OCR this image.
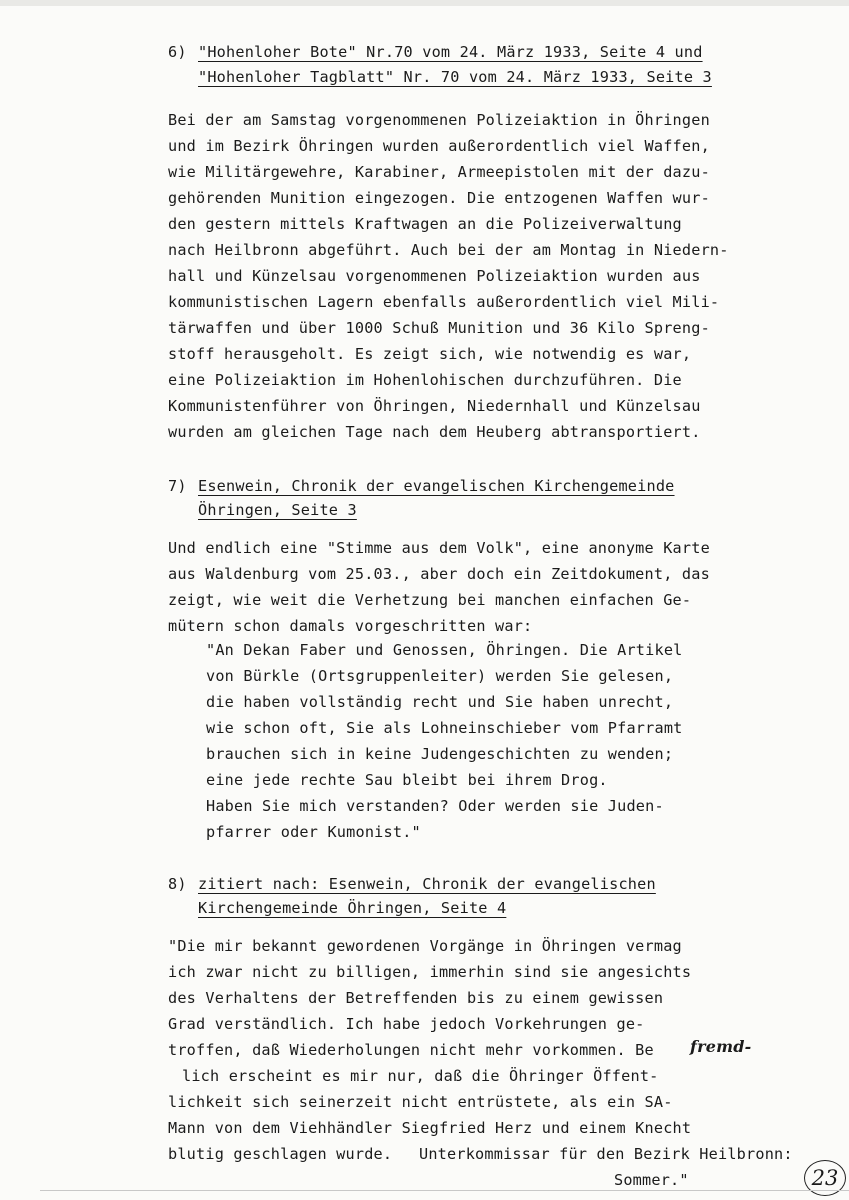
6) "Hohenloher Bote" Nr.70 vom 24. März 1933, Seite 4 und
"Hohenloher Tagblatt" Nr. 70 vom 24. März 1933, Seite 3
Bei der am Samstag vorgenommenen Polizeiaktion in Öhringen
und im Bezirk Öhringen wurden außerordentlich viel Waffen,
wie Militärgewehre, Karabiner, Armeepistolen mit der dazu-
gehörenden Munition eingezogen. Die entzogenen Waffen wur-
den gestern mittels Kraftwagen an die Polizeiverwaltung
nach Heilbronn abgeführt. Auch bei der am Montag in Niedern-
hall und Künzelsau vorgenommenen Polizeiaktion wurden aus
kommunistischen Lagern ebenfalls außerordentlich viel Mili-
tärwaffen und über 1000 Schuß Munition und 36 Kilo Spreng-
stoff herausgeholt. Es zeigt sich, wie notwendig es war,
eine Polizeiaktion im Hohenlohischen durchzuführen. Die
Kommunistenführer von Öhringen, Niedernhall und Künzelsau
wurden am gleichen Tage nach dem Heuberg abtransportiert.
7) Esenwein, Chronik der evangelischen Kirchengemeinde
Öhringen, Seite 3
Und endlich eine "Stimme aus dem Volk", eine anonyme Karte
aus Waldenburg vom 25.03., aber doch ein Zeitdokument, das
zeigt, wie weit die Verhetzung bei manchen einfachen Ge-
mütern schon damals vorgeschritten war:
"An Dekan Faber und Genossen, Öhringen. Die Artikel
von Bürkle (Ortsgruppenleiter) werden Sie gelesen,
die haben vollständig recht und Sie haben unrecht,
wie schon oft, Sie als Lohneinschieber vom Pfarramt
brauchen sich in keine Judengeschichten zu wenden;
eine jede rechte Sau bleibt bei ihrem Drog.
Haben Sie mich verstanden? Oder werden sie Juden-
pfarrer oder Kumonist."
8) zitiert nach: Esenwein, Chronik der evangelischen
Kirchengemeinde Öhringen, Seite 4
"Die mir bekannt gewordenen Vorgänge in Öhringen vermag
ich zwar nicht zu billigen, immerhin sind sie angesichts
des Verhaltens der Betreffenden bis zu einem gewissen
Grad verständlich. Ich habe jedoch Vorkehrungen ge-
troffen, daß Wiederholungen nicht mehr vorkommen. Be fremd-
lich erscheint es mir nur, daß die Öhringer Öffent-
lichkeit sich seinerzeit nicht entrüstete, als ein SA-
Mann von dem Viehhändler Siegfried Herz und einem Knecht
blutig geschlagen wurde. Unterkommissar für den Bezirk Heilbronn:
Sommer."	23
